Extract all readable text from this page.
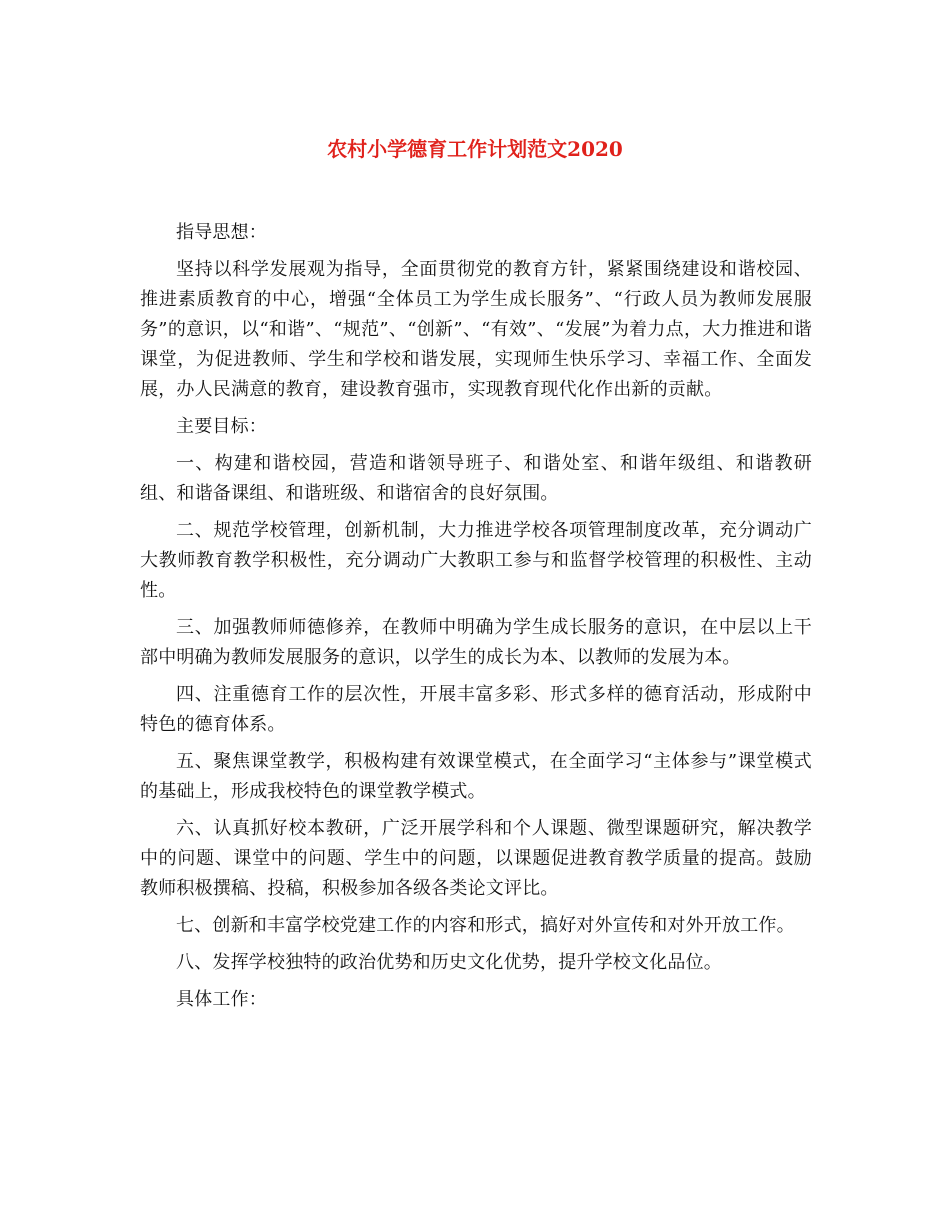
农村小学德育工作计划范文2020

指导思想：

坚持以科学发展观为指导，全面贯彻党的教育方针，紧紧围绕建设和谐校园、推进素质教育的中心，增强“全体员工为学生成长服务”、“行政人员为教师发展服务”的意识，以“和谐”、“规范”、“创新”、“有效”、“发展”为着力点，大力推进和谐课堂，为促进教师、学生和学校和谐发展，实现师生快乐学习、幸福工作、全面发展，办人民满意的教育，建设教育强市，实现教育现代化作出新的贡献。

主要目标：

一、构建和谐校园，营造和谐领导班子、和谐处室、和谐年级组、和谐教研组、和谐备课组、和谐班级、和谐宿舍的良好氛围。

二、规范学校管理，创新机制，大力推进学校各项管理制度改革，充分调动广大教师教育教学积极性，充分调动广大教职工参与和监督学校管理的积极性、主动性。

三、加强教师师德修养，在教师中明确为学生成长服务的意识，在中层以上干部中明确为教师发展服务的意识，以学生的成长为本、以教师的发展为本。

四、注重德育工作的层次性，开展丰富多彩、形式多样的德育活动，形成附中特色的德育体系。

五、聚焦课堂教学，积极构建有效课堂模式，在全面学习“主体参与”课堂模式的基础上，形成我校特色的课堂教学模式。

六、认真抓好校本教研，广泛开展学科和个人课题、微型课题研究，解决教学中的问题、课堂中的问题、学生中的问题，以课题促进教育教学质量的提高。鼓励教师积极撰稿、投稿，积极参加各级各类论文评比。

七、创新和丰富学校党建工作的内容和形式，搞好对外宣传和对外开放工作。

八、发挥学校独特的政治优势和历史文化优势，提升学校文化品位。

具体工作：
